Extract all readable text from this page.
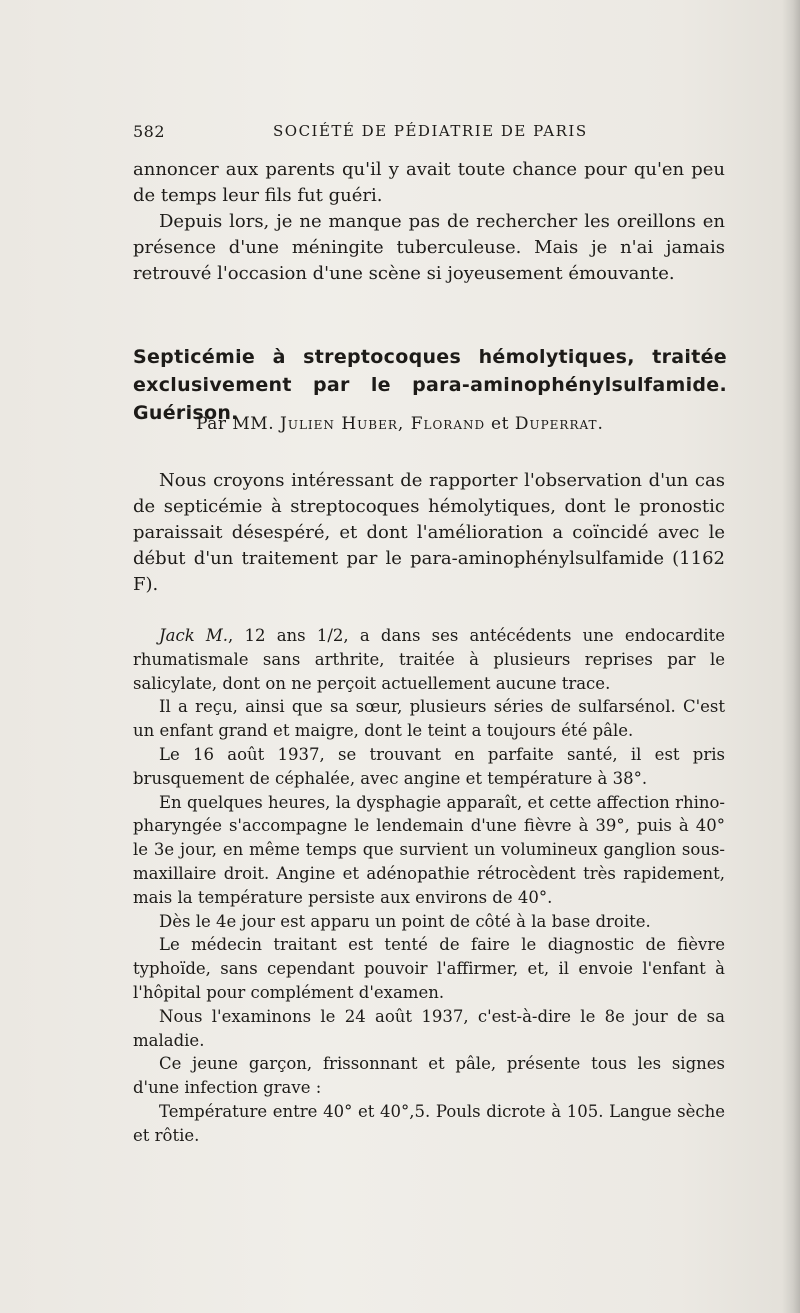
582	SOCIÉTÉ DE PÉDIATRIE DE PARIS

annoncer aux parents qu'il y avait toute chance pour qu'en peu de temps leur fils fut guéri.

Depuis lors, je ne manque pas de rechercher les oreillons en présence d'une méningite tuberculeuse. Mais je n'ai jamais retrouvé l'occasion d'une scène si joyeusement émouvante.

Septicémie à streptocoques hémolytiques, traitée exclusivement par le para-aminophénylsulfamide. Guérison.
Par MM. Julien Huber, Florand et Duperrat.

Nous croyons intéressant de rapporter l'observation d'un cas de septicémie à streptocoques hémolytiques, dont le pronostic paraissait désespéré, et dont l'amélioration a coïncidé avec le début d'un traitement par le para-aminophénylsulfamide (1162 F).

Jack M., 12 ans 1/2, a dans ses antécédents une endocardite rhumatismale sans arthrite, traitée à plusieurs reprises par le salicylate, dont on ne perçoit actuellement aucune trace.

Il a reçu, ainsi que sa sœur, plusieurs séries de sulfarsénol. C'est un enfant grand et maigre, dont le teint a toujours été pâle.

Le 16 août 1937, se trouvant en parfaite santé, il est pris brusquement de céphalée, avec angine et température à 38°.

En quelques heures, la dysphagie apparaît, et cette affection rhino-pharyngée s'accompagne le lendemain d'une fièvre à 39°, puis à 40° le 3e jour, en même temps que survient un volumineux ganglion sous-maxillaire droit. Angine et adénopathie rétrocèdent très rapidement, mais la température persiste aux environs de 40°.

Dès le 4e jour est apparu un point de côté à la base droite.

Le médecin traitant est tenté de faire le diagnostic de fièvre typhoïde, sans cependant pouvoir l'affirmer, et, il envoie l'enfant à l'hôpital pour complément d'examen.

Nous l'examinons le 24 août 1937, c'est-à-dire le 8e jour de sa maladie.

Ce jeune garçon, frissonnant et pâle, présente tous les signes d'une infection grave :

Température entre 40° et 40°,5. Pouls dicrote à 105. Langue sèche et rôtie.
